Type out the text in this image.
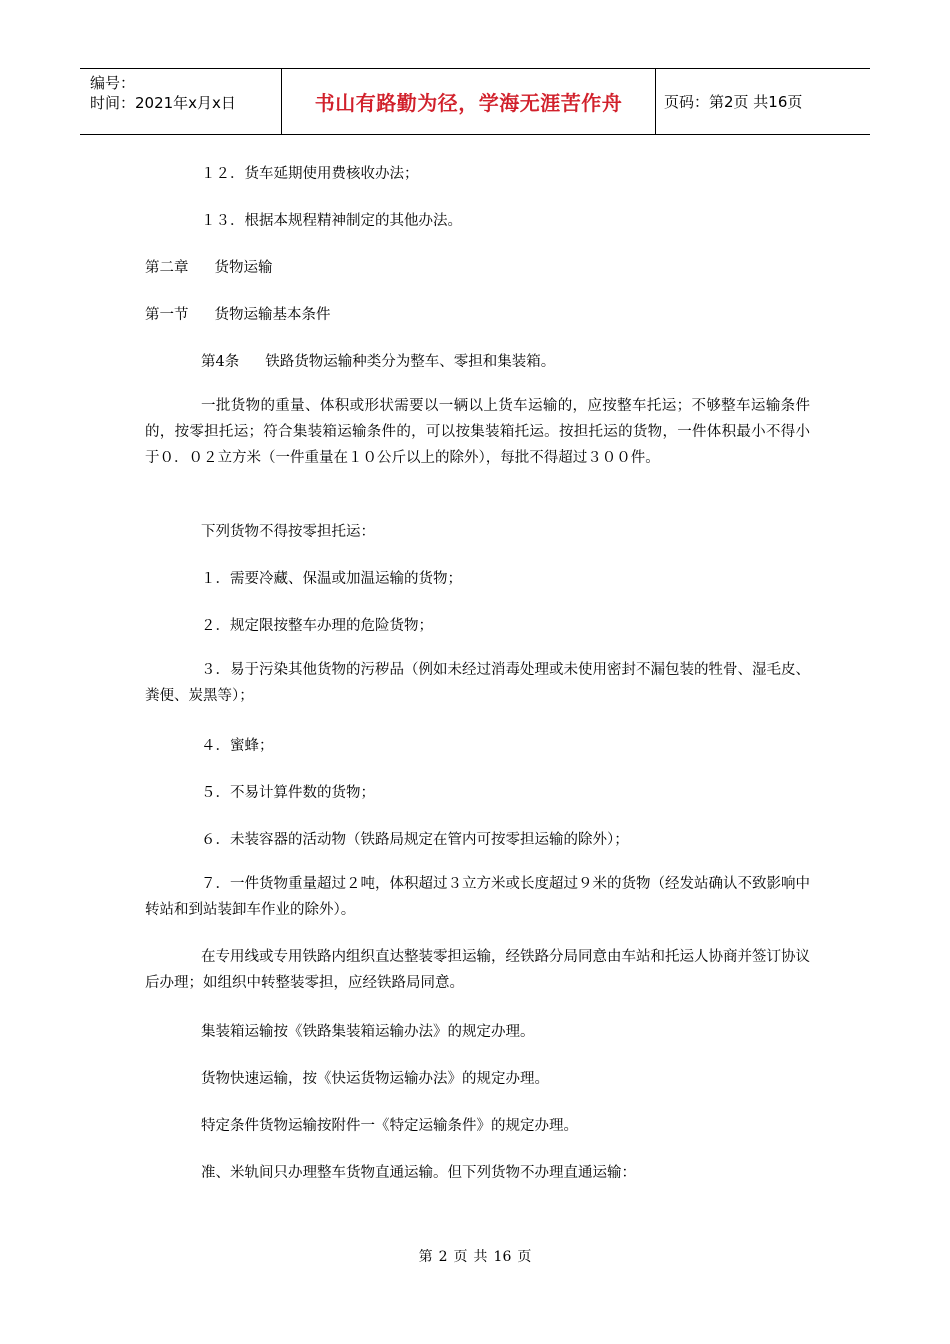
编号：
时间：2021年x月x日	书山有路勤为径，学海无涯苦作舟	页码：第2页 共16页
１２．货车延期使用费核收办法；
１３．根据本规程精神制定的其他办法。
第二章 货物运输
第一节 货物运输基本条件
第4条 铁路货物运输种类分为整车、零担和集装箱。
一批货物的重量、体积或形状需要以一辆以上货车运输的，应按整车托运；不够整车运输条件的，按零担托运；符合集装箱运输条件的，可以按集装箱托运。按担托运的货物，一件体积最小不得小于０．０２立方米（一件重量在１０公斤以上的除外），每批不得超过３００件。
下列货物不得按零担托运：
１．需要冷藏、保温或加温运输的货物；
２．规定限按整车办理的危险货物；
３．易于污染其他货物的污秽品（例如未经过消毒处理或未使用密封不漏包装的牲骨、湿毛皮、粪便、炭黑等）；
４．蜜蜂；
５．不易计算件数的货物；
６．未装容器的活动物（铁路局规定在管内可按零担运输的除外）；
７．一件货物重量超过２吨，体积超过３立方米或长度超过９米的货物（经发站确认不致影响中转站和到站装卸车作业的除外）。
在专用线或专用铁路内组织直达整装零担运输，经铁路分局同意由车站和托运人协商并签订协议后办理；如组织中转整装零担，应经铁路局同意。
集装箱运输按《铁路集装箱运输办法》的规定办理。
货物快速运输，按《快运货物运输办法》的规定办理。
特定条件货物运输按附件一《特定运输条件》的规定办理。
准、米轨间只办理整车货物直通运输。但下列货物不办理直通运输：
第 2 页 共 16 页
